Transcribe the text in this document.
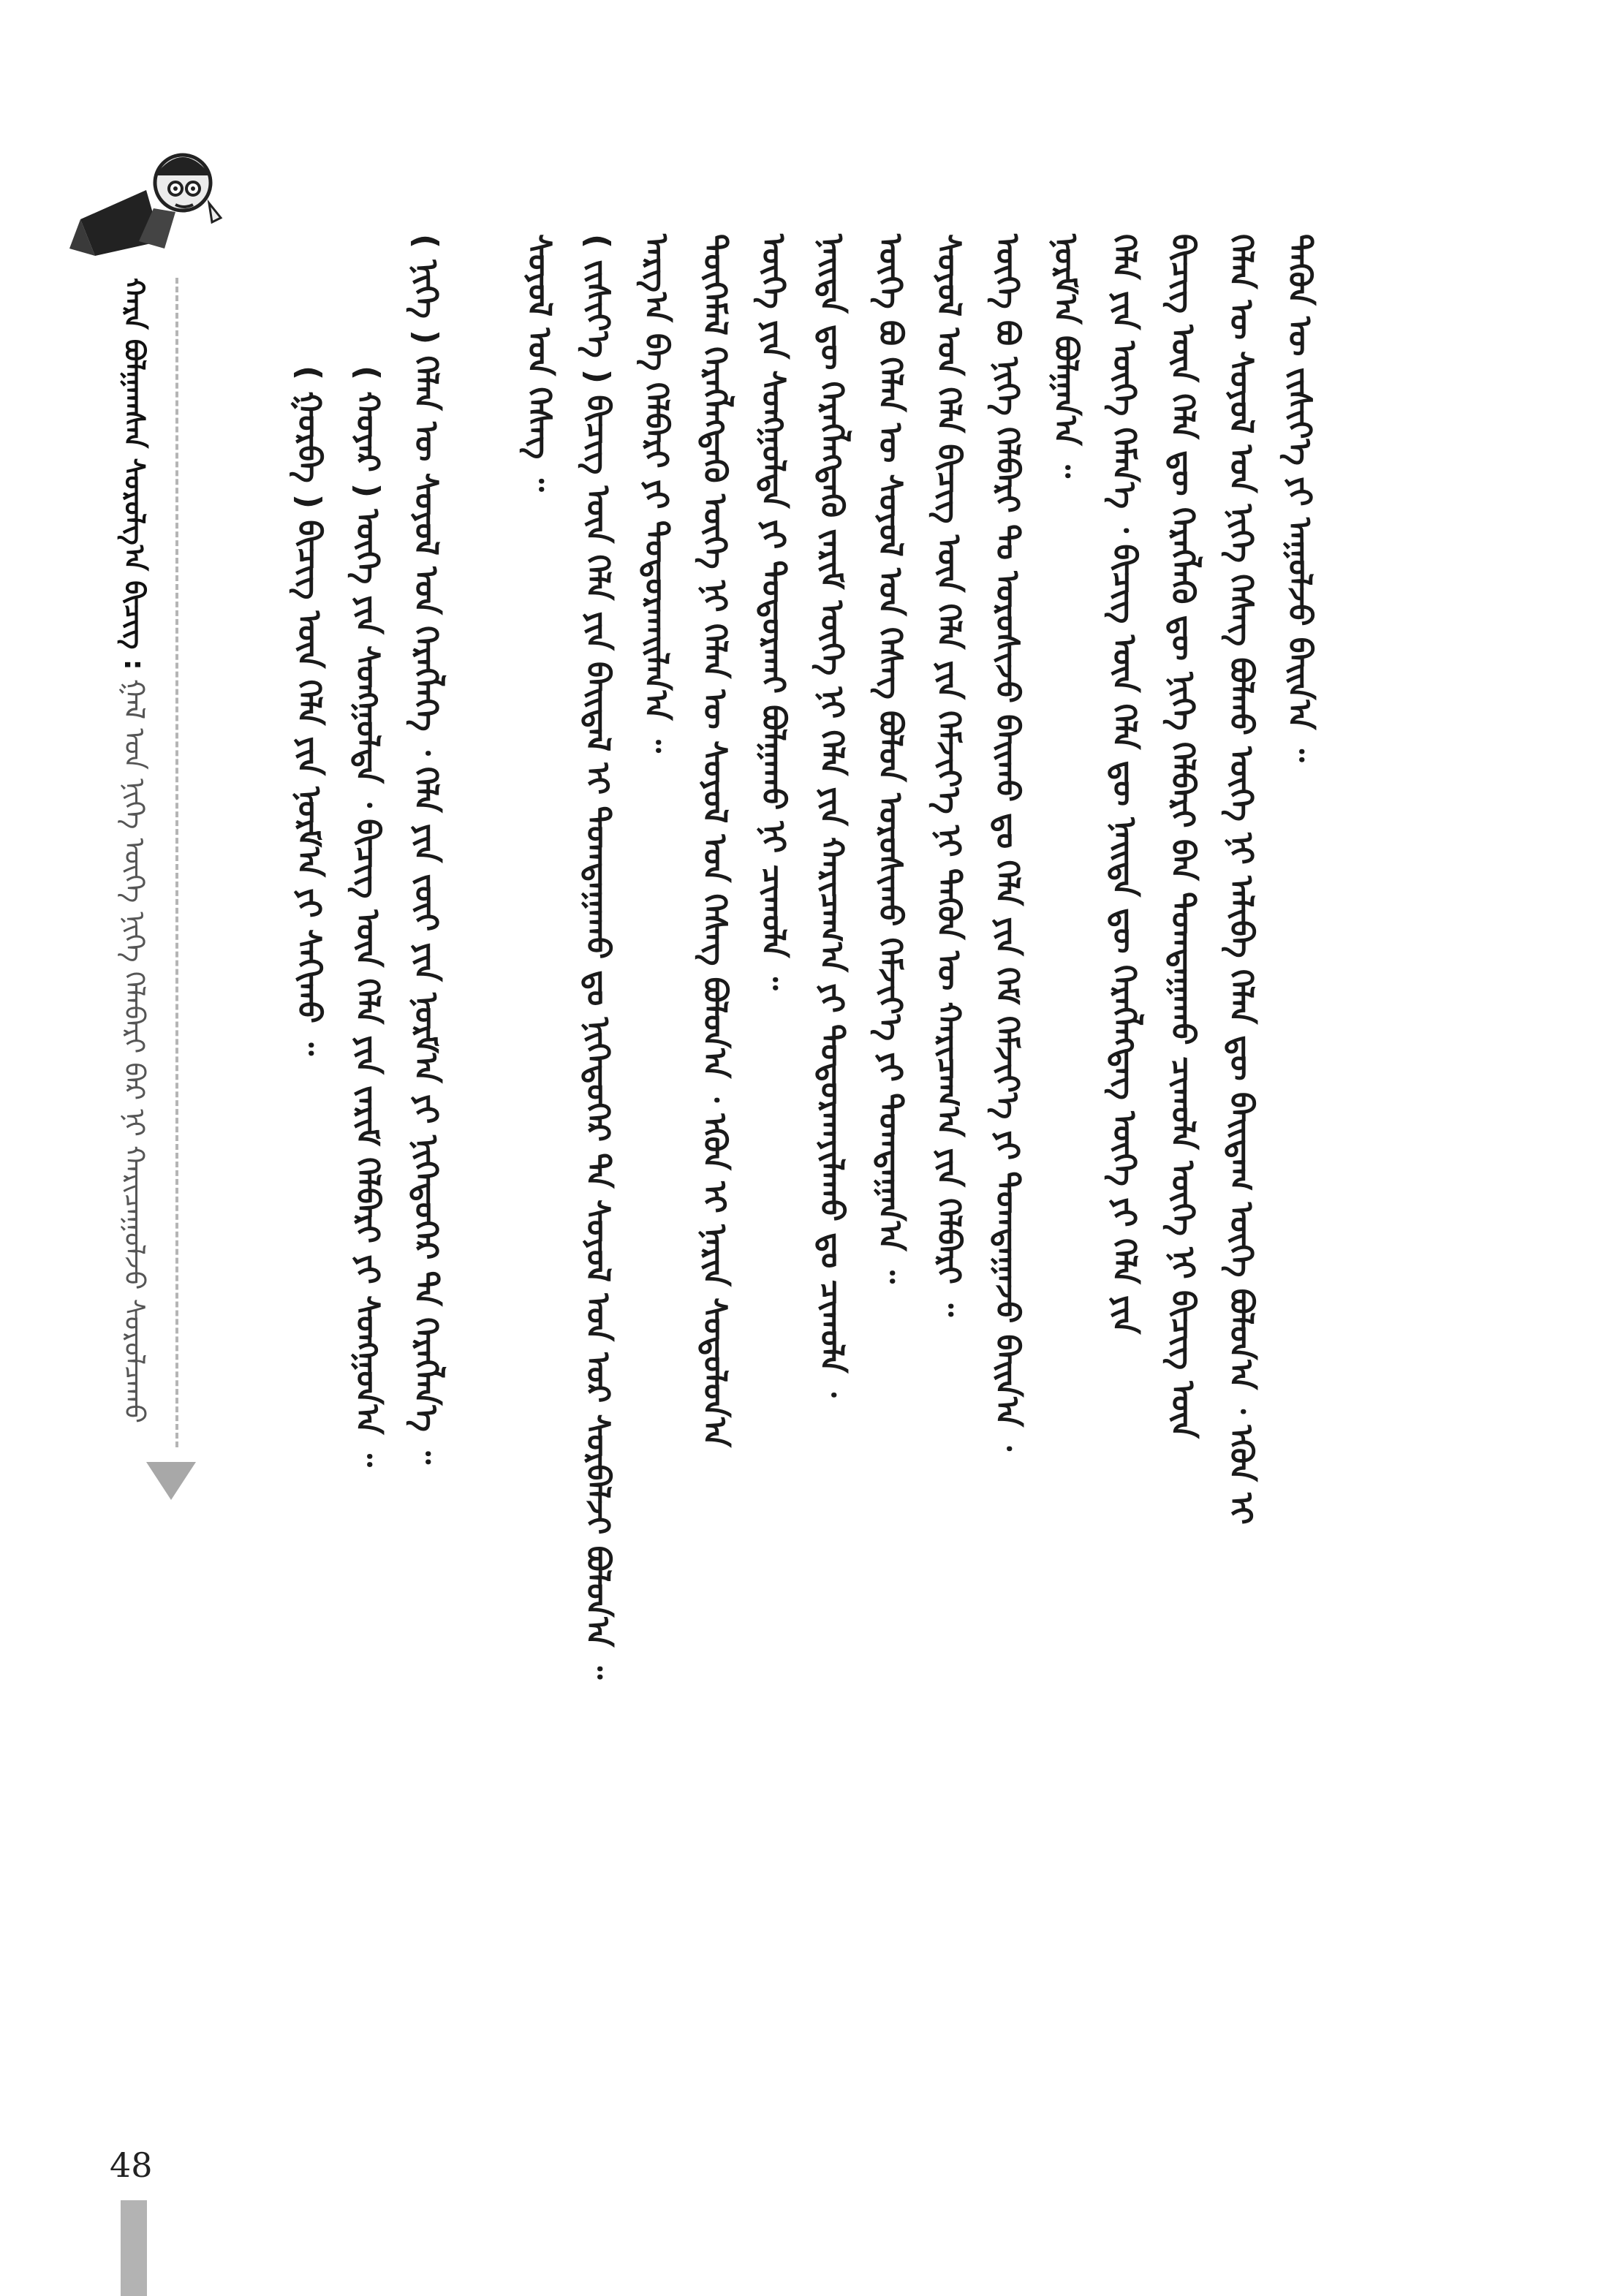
ᠬᠠᠷᠠ ᠪᠣᠯᠭᠠᠭᠰᠠᠨ ᠰᠤᠷᠤᠯᠭ᠎ᠠ ᠪᠢᠴᠢᠭ : ᠭᠠᠯ ᠤᠨ ᠨᠢᠭᠡ ᠦᠭᠡ ᠨᠢᠭᠡ ᠬᠡᠯᠡᠪᠡᠷᠢ ᠪᠠᠷ ᠨᠢ ᠬᠠᠷᠢᠴᠠᠭᠤᠯᠵᠤ ᠰᠤᠷᠤᠯᠴᠠᠬᠤ
ᠲᠡᠭᠦᠨ ᠦ ᠵᠢᠱᠢᠶ᠎ᠡ ᠶᠢ ᠠᠭᠤᠯᠵᠤ ᠪᠠᠢᠨ᠎ᠠ ᠃
ᠬᠡᠯᠡᠨ ᠦ ᠰᠣᠶᠣᠯ ᠤᠨ ᠨᠢᠭᠡ ᠬᠡᠰᠡᠭ ᠪᠣᠯᠬᠤ ᠦᠭᠡ ᠨᠢ ᠠᠯᠢᠪᠠ ᠬᠡᠯᠡᠨ ᠳᠦ ᠪᠠᠢᠳᠠᠭ ᠦᠭᠡ ᠪᠣᠯᠤᠨ᠎ᠠ ᠂ ᠡᠭᠦᠨ ᠢ
ᠪᠢᠴᠢᠭ ᠦᠨ ᠬᠡᠯᠡ ᠳᠦ ᠬᠡᠷᠡᠭᠯᠡᠬᠦ ᠳᠦ ᠨᠢᠭᠡ ᠬᠡᠯᠪᠡᠷᠢ ᠪᠡᠨ ᠲᠤᠭᠲᠠᠭᠠᠬᠤ ᠴᠢᠬᠤᠯᠠ ᠦᠭᠡ ᠨᠢ ᠪᠢᠴᠢᠭ ᠦᠨ
ᠬᠡᠯᠡ ᠶᠢᠨ ᠦᠭᠡ ᠬᠡᠮᠡᠨ᠎ᠡ ᠂ ᠪᠢᠴᠢᠭ ᠦᠨ ᠬᠡᠯᠡ ᠳᠦ ᠨᠡᠢᠲᠡ ᠳᠦ ᠬᠡᠷᠡᠭᠯᠡᠭᠳᠡᠭ ᠦᠭᠡ ᠶᠢ ᠬᠡᠯᠡ ᠶᠢᠨ
ᠨᠣᠷᠮ᠎ᠠ ᠪᠣᠯᠭᠠᠨ᠎ᠠ ᠃
ᠦᠭᠡ ᠪᠣ ᠨᠢᠭᠡ ᠬᠡᠯᠪᠡᠷᠢ ᠲᠤ ᠣᠷᠣᠰᠢᠵᠤ ᠪᠠᠢᠬᠤ ᠳᠤ ᠬᠡᠯᠡ ᠶᠢᠨ ᠬᠡᠮ ᠬᠡᠮᠵᠢᠶ᠎ᠡ ᠶᠢ ᠲᠣᠭᠲᠠᠭᠠᠵᠤ ᠪᠠᠢᠨ᠎ᠠ ᠂
ᠰᠣᠶᠣᠯ ᠤᠨ ᠬᠡᠯᠡ ᠪᠢᠴᠢᠭ ᠦᠨ ᠬᠡᠯᠡ ᠶᠢᠨ ᠬᠡᠮᠵᠢᠶ᠎ᠡ ᠨᠢ ᠲᠡᠭᠦᠨ ᠦ ᠬᠠᠷᠢᠴᠠᠭ᠎ᠠ ᠶᠢᠨ ᠬᠡᠯᠪᠡᠷᠢ ᠃
ᠦᠭᠡ ᠪᠣ ᠬᠡᠯᠡᠨ ᠦ ᠰᠣᠶᠣᠯ ᠤᠨ ᠬᠡᠰᠡᠭ ᠪᠣᠯᠤᠨ ᠣᠷᠣᠰᠢᠬᠤ ᠬᠡᠮᠵᠢᠶ᠎ᠡ ᠶᠢ ᠲᠣᠭᠲᠠᠭᠠᠨ᠎ᠠ ᠃
ᠨᠡᠢᠲᠡ ᠳᠦ ᠬᠡᠷᠡᠭᠯᠡᠭᠳᠡᠬᠦ ᠵᠠᠷᠢᠮ ᠦᠭᠡ ᠨᠢ ᠬᠡᠯᠡ ᠶᠢᠨ ᠬᠠᠷᠢᠴᠠᠭ᠎ᠠ ᠶᠢ ᠲᠣᠳᠣᠷᠬᠠᠶᠢᠯᠠᠬᠤ ᠳᠤ ᠴᠢᠬᠤᠯᠠ ᠂
ᠦᠭᠡ ᠶᠢᠨ ᠰᠣᠩᠭᠣᠯᠲᠠ ᠶᠢ ᠲᠣᠳᠣᠷᠬᠠᠢ ᠪᠣᠯᠭᠠᠬᠤ ᠨᠢ ᠴᠢᠬᠤᠯᠠ ᠃
ᠲᠦᠭᠡᠮᠡᠯ ᠬᠡᠷᠡᠭᠯᠡᠭᠳᠡᠬᠦ ᠦᠭᠡ ᠨᠢ ᠬᠡᠯᠡᠨ ᠦ ᠰᠣᠶᠣᠯ ᠤᠨ ᠬᠡᠰᠡᠭ ᠪᠣᠯᠤᠨ᠎ᠠ ᠂ ᠡᠭᠦᠨ ᠢ ᠨᠠᠷᠢᠨ ᠰᠤᠳᠤᠯᠤᠨ᠎ᠠ
ᠠᠷᠭ᠎ᠠ ᠪᠠ ᠬᠡᠯᠪᠡᠷᠢ ᠶᠢ ᠲᠣᠳᠣᠷᠬᠠᠢᠯᠠᠨ᠎ᠠ ᠃
( ᠵᠢᠱᠢᠶ᠎ᠡ ) ᠪᠢᠴᠢᠭ ᠦᠨ ᠬᠡᠯᠡ ᠶᠢᠨ ᠪᠠᠢᠳᠠᠯ ᠢ ᠲᠣᠭᠲᠠᠭᠠᠬᠤ ᠳᠤ ᠨᠢᠭᠡᠳᠦᠭᠡᠷ ᠲᠡ ᠰᠣᠶᠣᠯ ᠤᠨ ᠤᠷ ᠰᠤᠷᠪᠠᠯᠵᠢ ᠪᠣᠯᠤᠨ᠎ᠠ ᠃
ᠰᠣᠶᠣᠯ ᠤᠨ ᠬᠡᠰᠡᠭ ᠃
( ᠨᠢᠭᠡ ) ᠬᠡᠯᠡᠨ ᠦ ᠰᠣᠶᠣᠯ ᠤᠨ ᠬᠡᠷᠡᠭᠯᠡᠭᠡ ᠂ ᠬᠡᠯᠡ ᠶᠢᠨ ᠵᠦᠢ ᠶᠢᠨ ᠨᠣᠷᠮ᠎ᠠ ᠶᠢ ᠨᠢᠭᠡᠳᠦᠭᠡᠷ ᠲᠡ ᠬᠡᠷᠡᠭᠯᠡᠨ᠎ᠡ ᠃
( ᠬᠣᠶᠠᠷ ) ᠦᠭᠡ ᠶᠢᠨ ᠰᠣᠩᠭᠣᠯᠲᠠ ᠂ ᠪᠢᠴᠢᠭ ᠦᠨ ᠬᠡᠯᠡ ᠶᠢᠨ ᠵᠠᠷᠢᠮ ᠬᠡᠯᠪᠡᠷᠢ ᠶᠢ ᠰᠣᠩᠭᠣᠨ᠎ᠠ ᠃
( ᠭᠤᠷᠪᠠ ) ᠪᠢᠴᠢᠭ ᠦᠨ ᠬᠡᠯᠡ ᠶᠢᠨ ᠨᠣᠷᠮ᠎ᠠ ᠶᠢ ᠰᠠᠬᠢᠬᠤ ᠃
48
